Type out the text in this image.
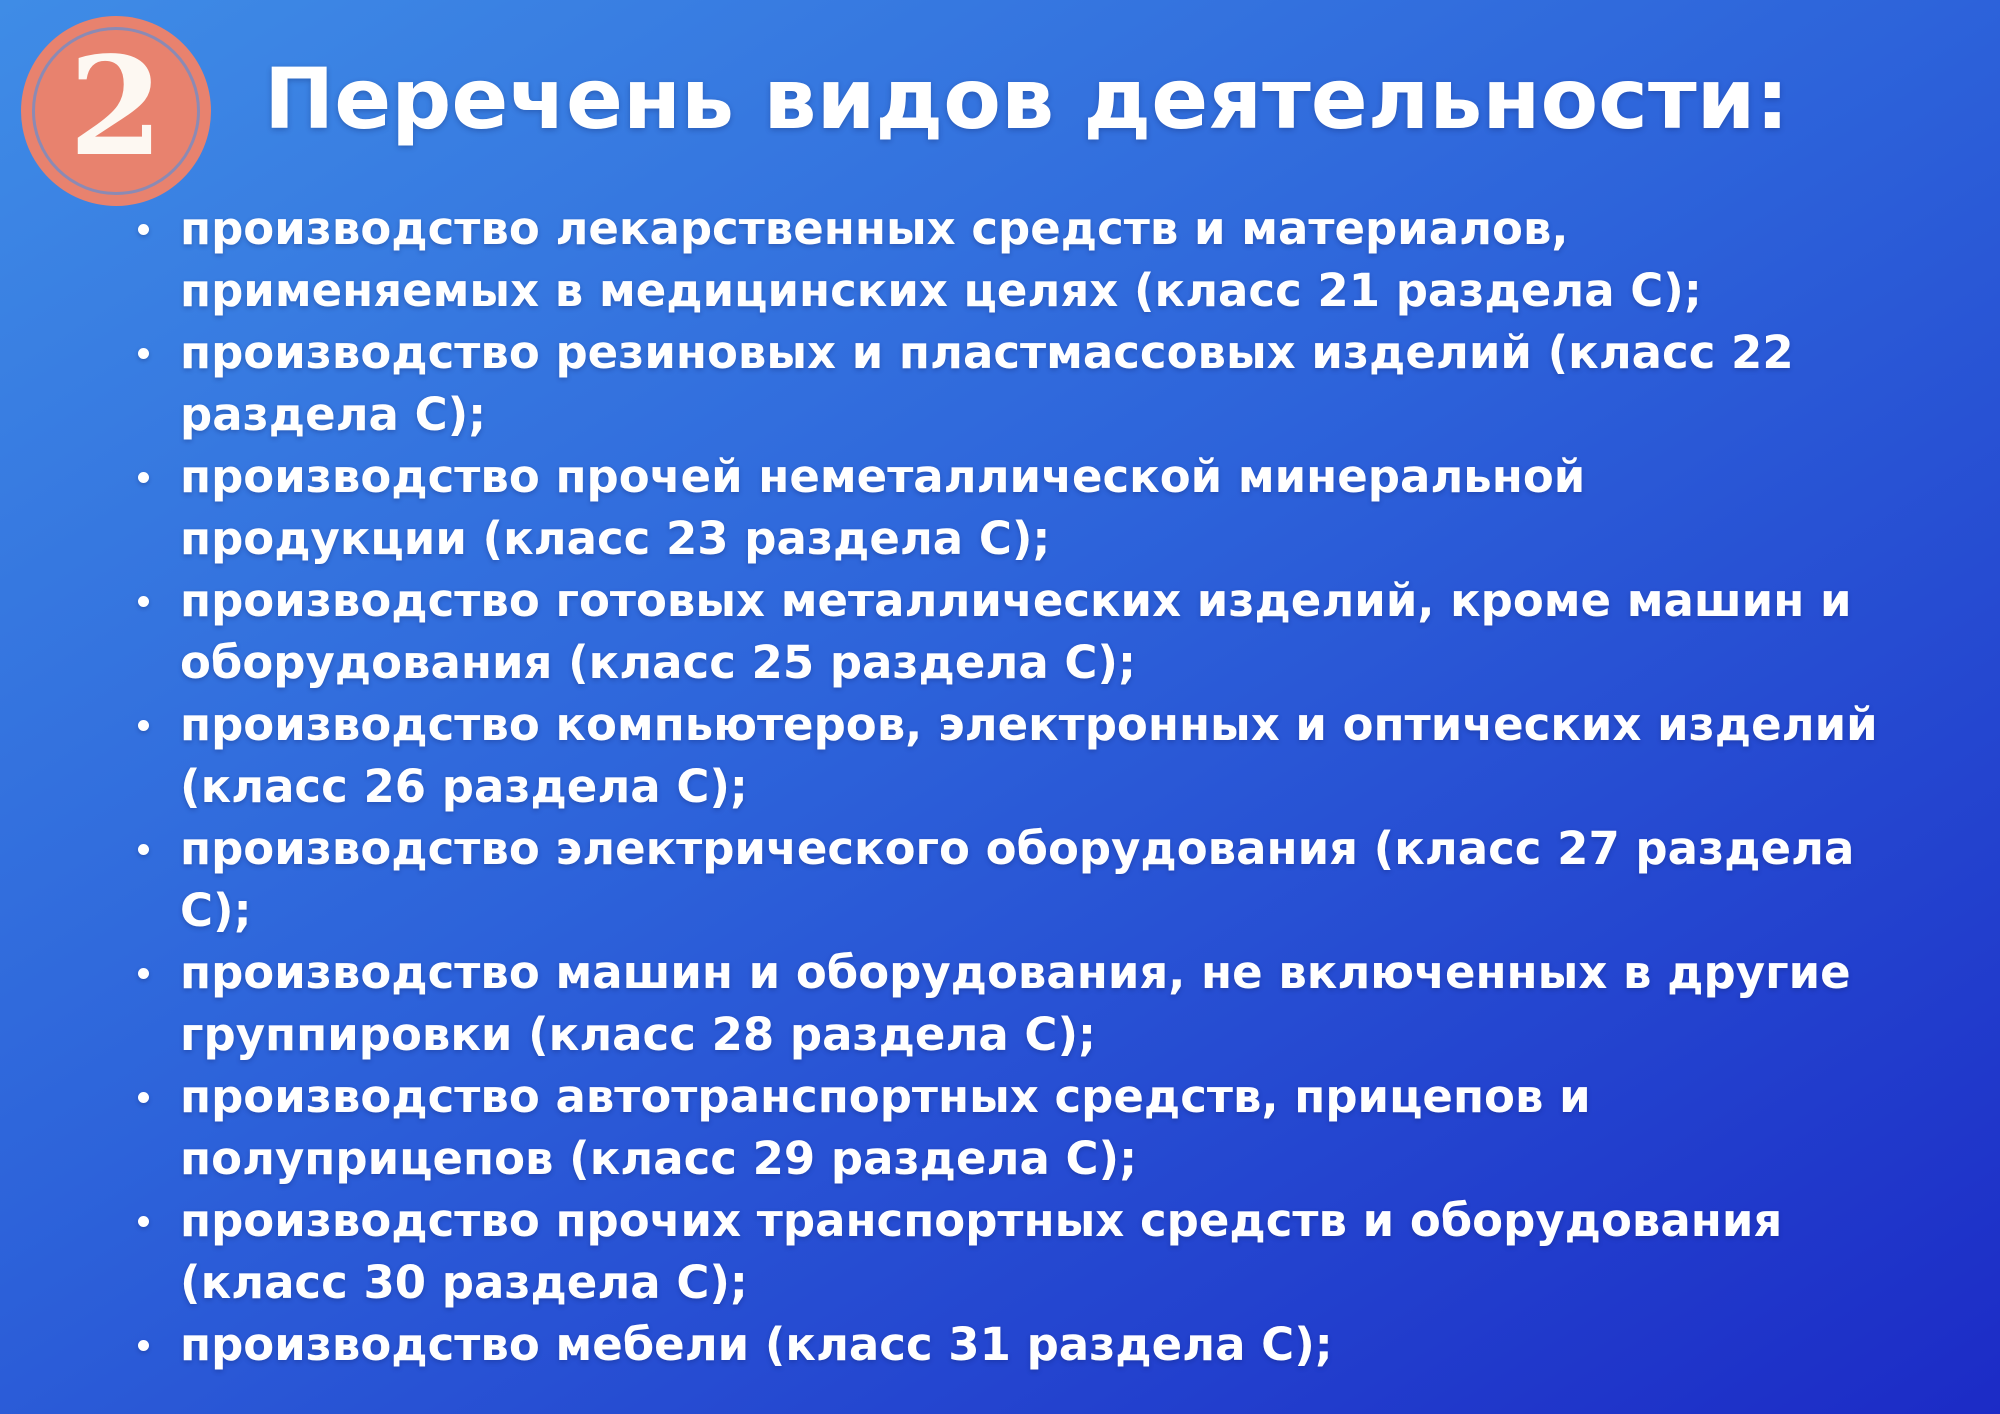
2 Перечень видов деятельности:
производство лекарственных средств и материалов, применяемых в медицинских целях (класс 21 раздела С);
производство резиновых и пластмассовых изделий (класс 22 раздела С);
производство прочей неметаллической минеральной продукции (класс 23 раздела С);
производство готовых металлических изделий, кроме машин и оборудования (класс 25 раздела С);
производство компьютеров, электронных и оптических изделий (класс 26 раздела С);
производство электрического оборудования (класс 27 раздела С);
производство машин и оборудования, не включенных в другие группировки (класс 28 раздела С);
производство автотранспортных средств, прицепов и полуприцепов (класс 29 раздела С);
производство прочих транспортных средств и оборудования (класс 30 раздела С);
производство мебели (класс 31 раздела С);
